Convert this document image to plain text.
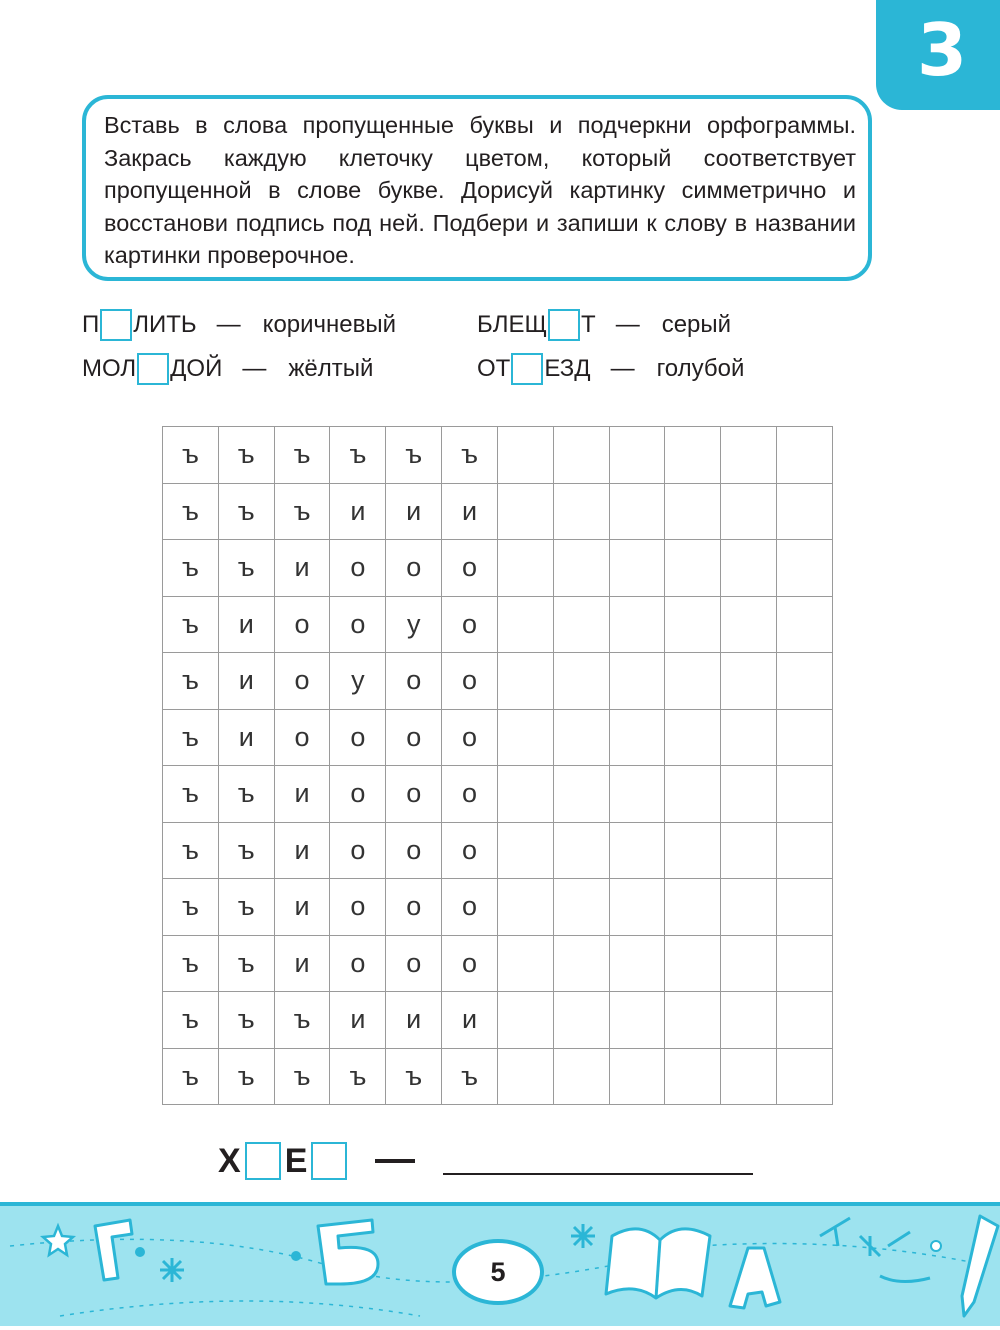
3
Вставь в слова пропущенные буквы и подчеркни орфограммы. Закрась каждую клеточку цветом, который соответствует пропущенной в слове букве. Дорисуй картинку симметрично и восстанови подпись под ней. Подбери и запиши к слову в названии картинки проверочное.
П ЛИТЬ — коричневый	БЛЕЩ Т — серый
МОЛ ДОЙ — жёлтый	ОТ ЕЗД — голубой
ъ	ъ	ъ	ъ	ъ	ъ						
ъ	ъ	ъ	и	и	и						
ъ	ъ	и	о	о	о						
ъ	и	о	о	у	о						
ъ	и	о	у	о	о						
ъ	и	о	о	о	о						
ъ	ъ	и	о	о	о						
ъ	ъ	и	о	о	о						
ъ	ъ	и	о	о	о						
ъ	ъ	и	о	о	о						
ъ	ъ	ъ	и	и	и						
ъ	ъ	ъ	ъ	ъ	ъ						
Х Е
5
